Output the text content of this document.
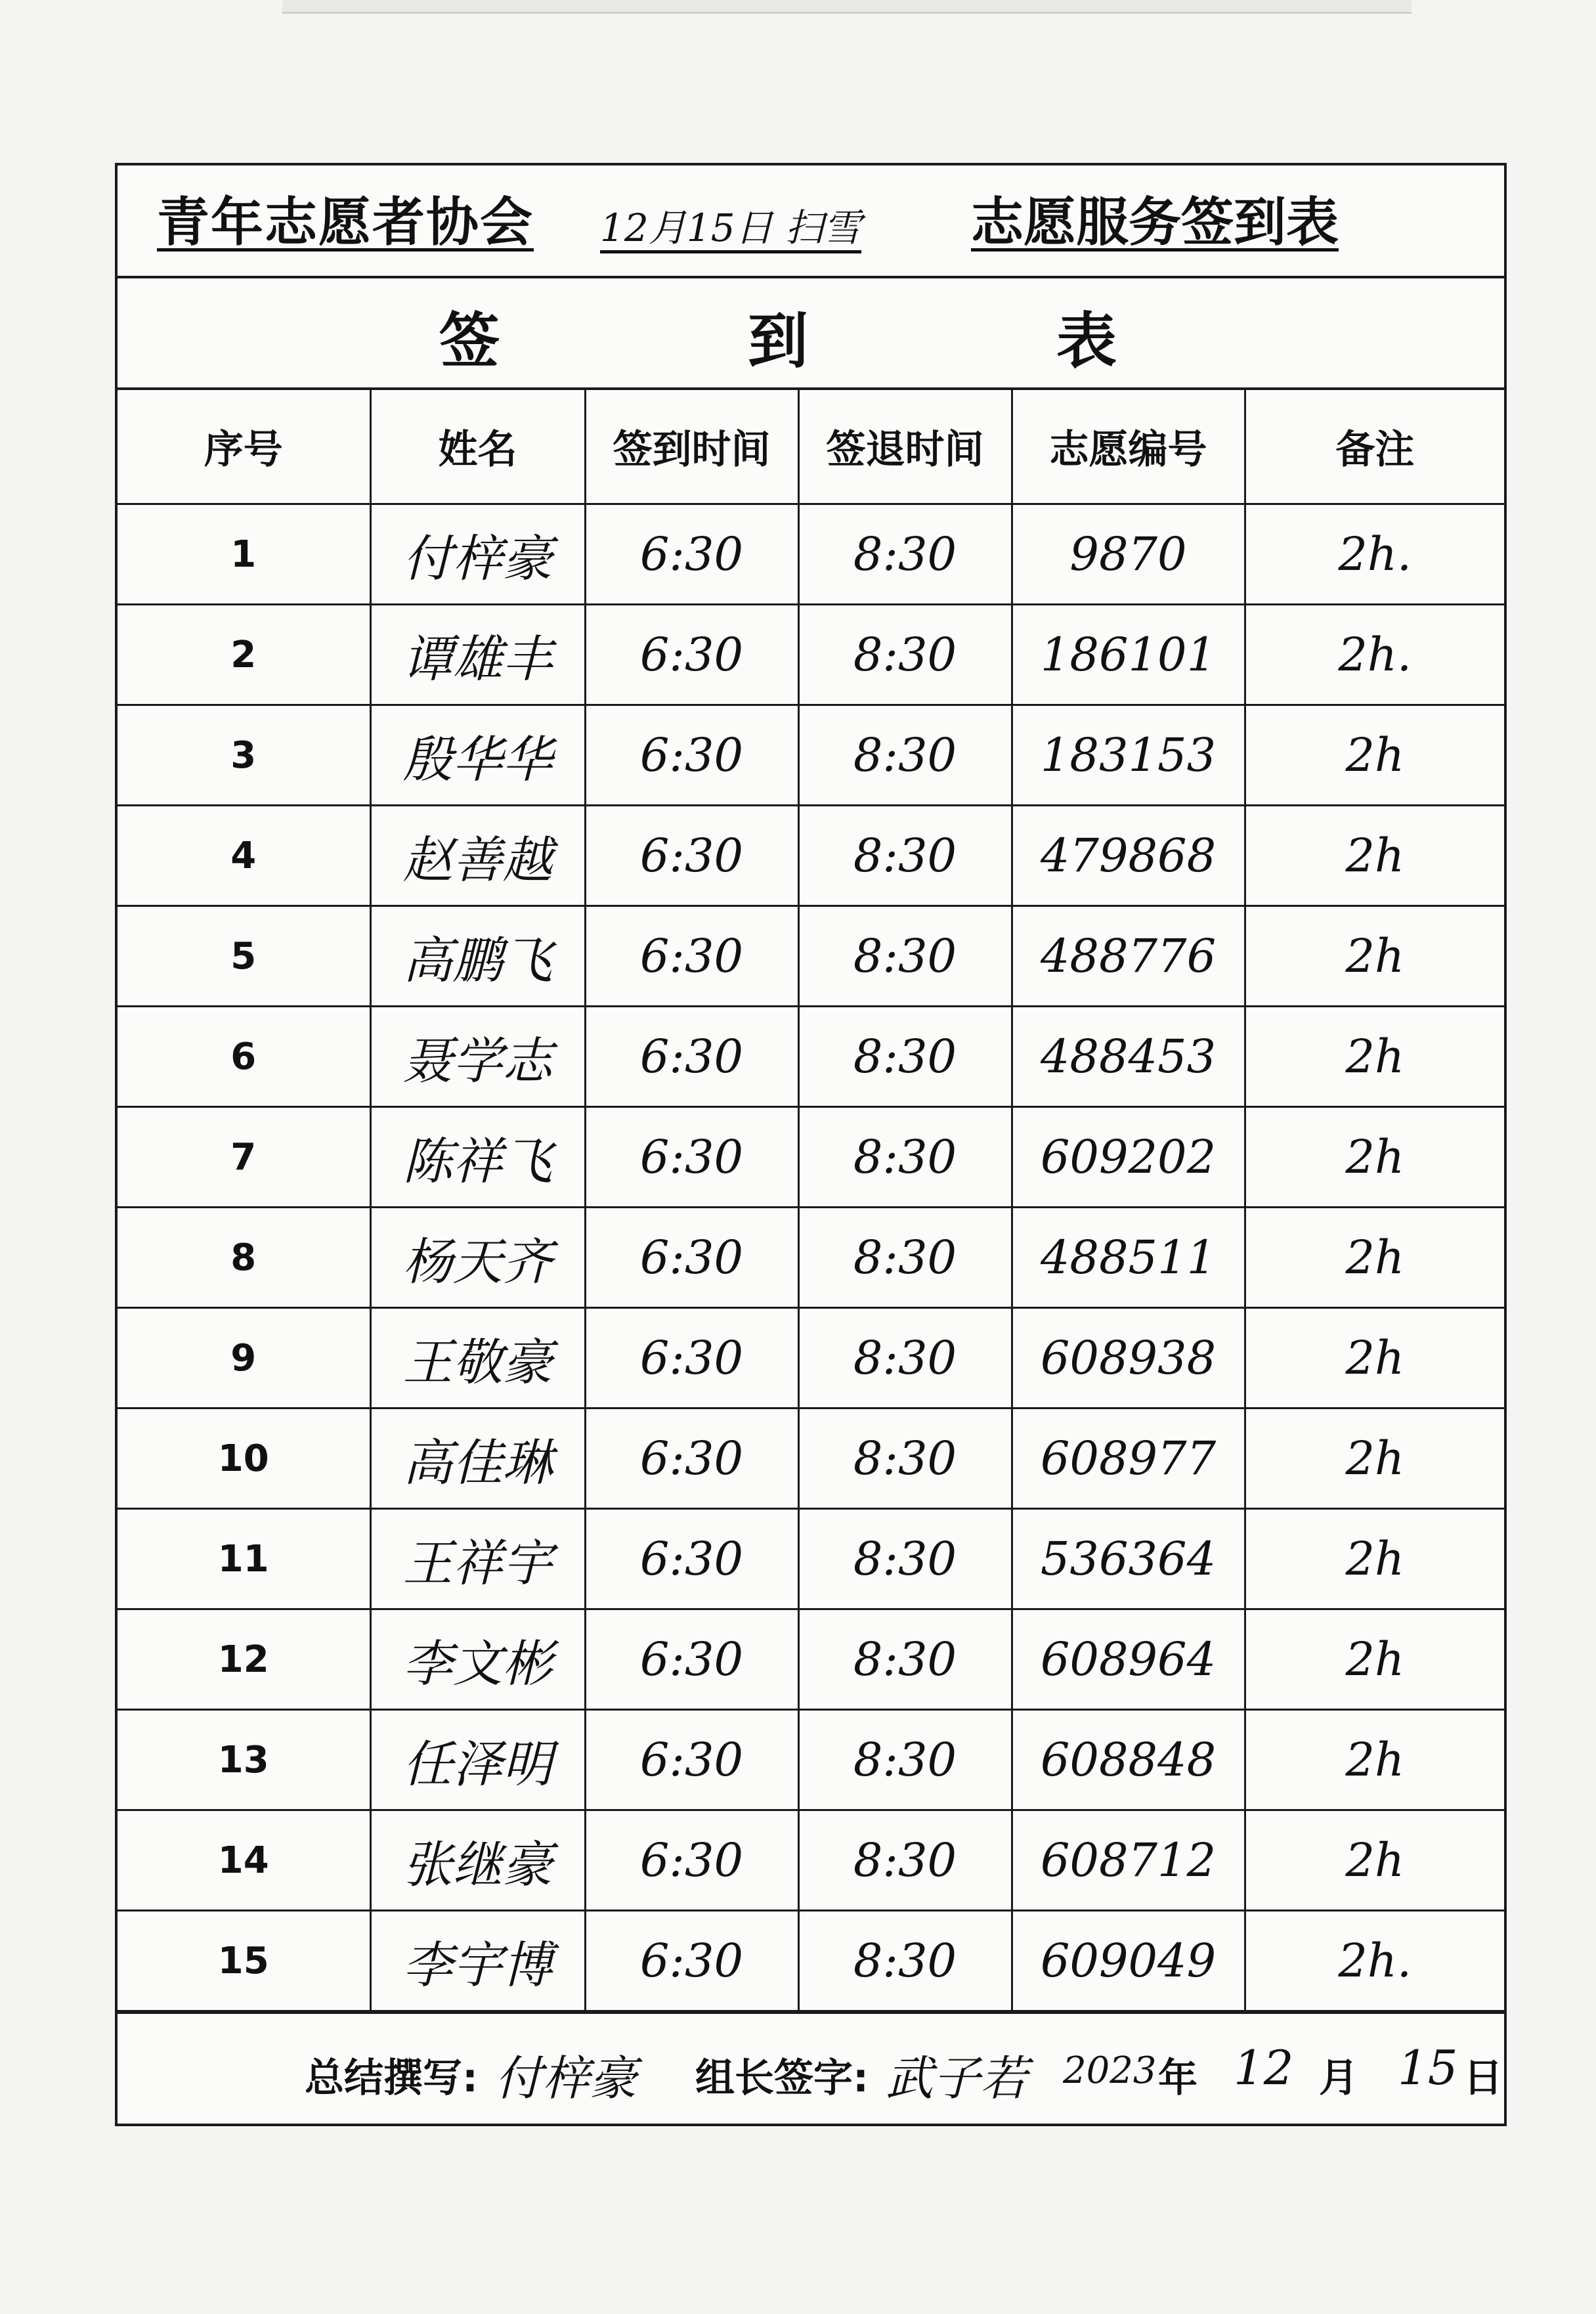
青年志愿者协会 12月15日 扫雪 志愿服务签到表
签	到	表
序号	姓名	签到时间	签退时间	志愿编号	备注
1	付梓豪	6:30	8:30	9870	2h.
2	谭雄丰	6:30	8:30	186101	2h.
3	殷华华	6:30	8:30	183153	2h
4	赵善越	6:30	8:30	479868	2h
5	高鹏飞	6:30	8:30	488776	2h
6	聂学志	6:30	8:30	488453	2h
7	陈祥飞	6:30	8:30	609202	2h
8	杨天齐	6:30	8:30	488511	2h
9	王敬豪	6:30	8:30	608938	2h
10	高佳琳	6:30	8:30	608977	2h
11	王祥宇	6:30	8:30	536364	2h
12	李文彬	6:30	8:30	608964	2h
13	任泽明	6:30	8:30	608848	2h
14	张继豪	6:30	8:30	608712	2h
15	李宇博	6:30	8:30	609049	2h.
总结撰写: 付梓豪 组长签字: 武子若 2023 年 12 月 15 日
